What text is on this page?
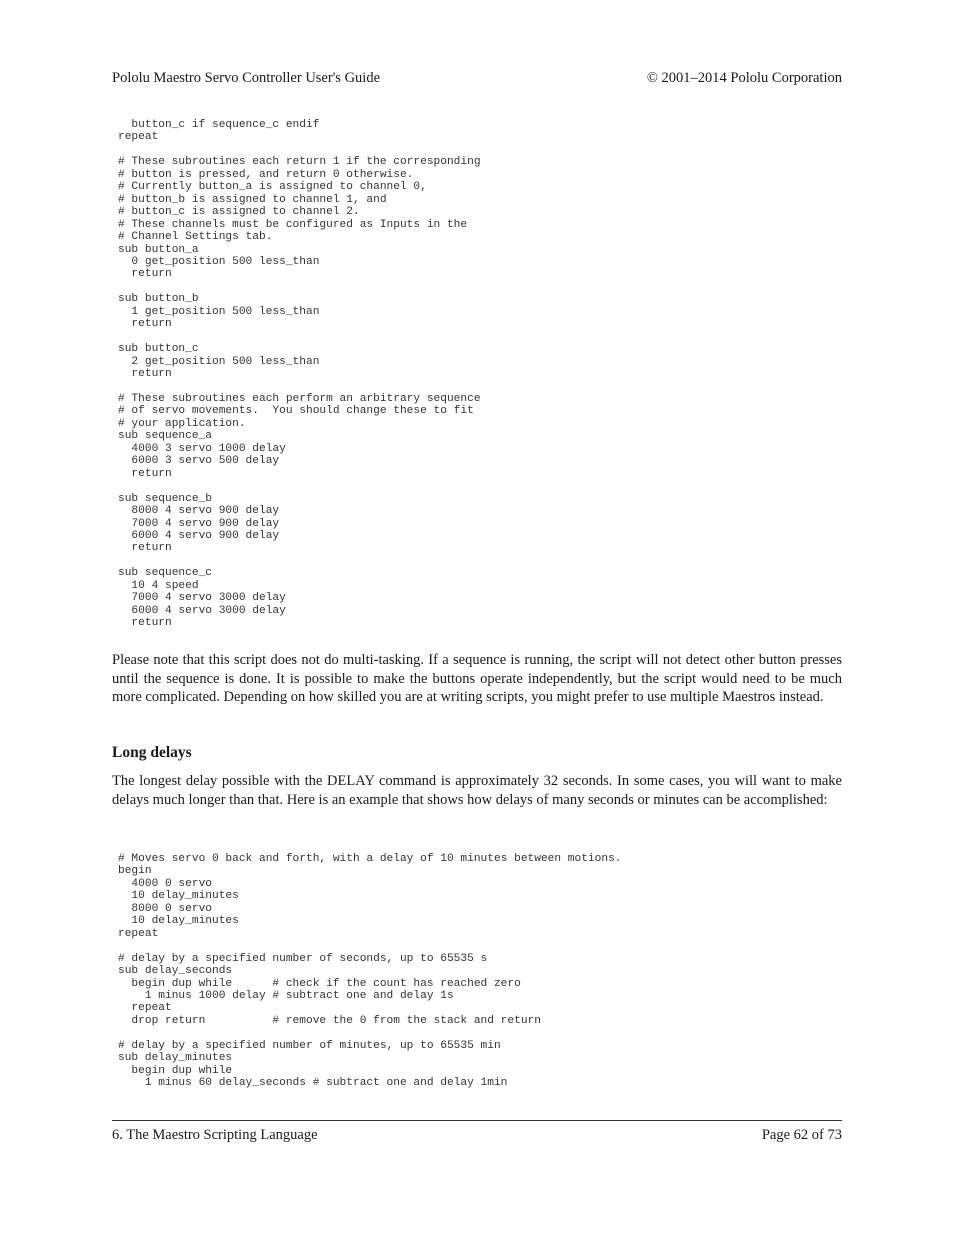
Pololu Maestro Servo Controller User's Guide	© 2001–2014 Pololu Corporation
button_c if sequence_c endif
repeat

# These subroutines each return 1 if the corresponding
# button is pressed, and return 0 otherwise.
# Currently button_a is assigned to channel 0,
# button_b is assigned to channel 1, and
# button_c is assigned to channel 2.
# These channels must be configured as Inputs in the
# Channel Settings tab.
sub button_a
0 get_position 500 less_than
return

sub button_b
1 get_position 500 less_than
return

sub button_c
2 get_position 500 less_than
return

# These subroutines each perform an arbitrary sequence
# of servo movements.  You should change these to fit
# your application.
sub sequence_a
4000 3 servo 1000 delay
6000 3 servo 500 delay
return

sub sequence_b
8000 4 servo 900 delay
7000 4 servo 900 delay
6000 4 servo 900 delay
return

sub sequence_c
10 4 speed
7000 4 servo 3000 delay
6000 4 servo 3000 delay
return

Please note that this script does not do multi-tasking. If a sequence is running, the script will not detect other button presses until the sequence is done. It is possible to make the buttons operate independently, but the script would need to be much more complicated. Depending on how skilled you are at writing scripts, you might prefer to use multiple Maestros instead.

Long delays

The longest delay possible with the DELAY command is approximately 32 seconds. In some cases, you will want to make delays much longer than that. Here is an example that shows how delays of many seconds or minutes can be accomplished:

# Moves servo 0 back and forth, with a delay of 10 minutes between motions.
begin
4000 0 servo
10 delay_minutes
8000 0 servo
10 delay_minutes
repeat

# delay by a specified number of seconds, up to 65535 s
sub delay_seconds
begin dup while      # check if the count has reached zero
1 minus 1000 delay # subtract one and delay 1s
repeat
drop return          # remove the 0 from the stack and return

# delay by a specified number of minutes, up to 65535 min
sub delay_minutes
begin dup while
1 minus 60 delay_seconds # subtract one and delay 1min
6. The Maestro Scripting Language	Page 62 of 73
